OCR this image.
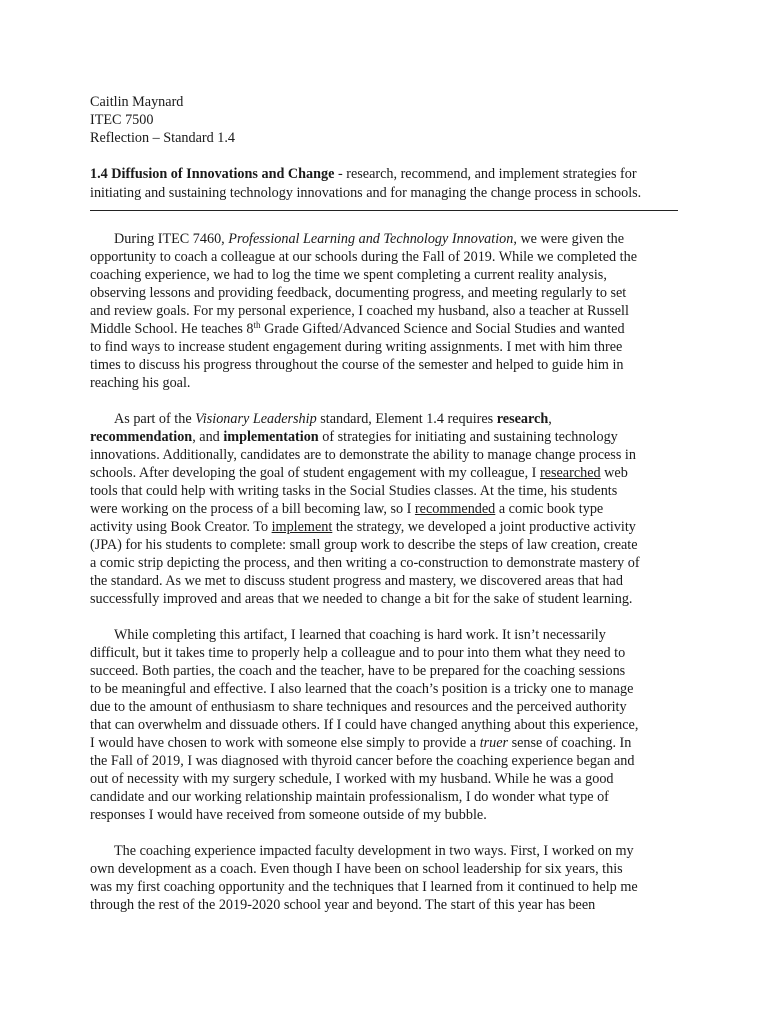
Caitlin Maynard
ITEC 7500
Reflection – Standard 1.4
1.4 Diffusion of Innovations and Change - research, recommend, and implement strategies for
initiating and sustaining technology innovations and for managing the change process in schools.
During ITEC 7460, Professional Learning and Technology Innovation, we were given the
opportunity to coach a colleague at our schools during the Fall of 2019. While we completed the
coaching experience, we had to log the time we spent completing a current reality analysis,
observing lessons and providing feedback, documenting progress, and meeting regularly to set
and review goals. For my personal experience, I coached my husband, also a teacher at Russell
Middle School. He teaches 8th Grade Gifted/Advanced Science and Social Studies and wanted
to find ways to increase student engagement during writing assignments. I met with him three
times to discuss his progress throughout the course of the semester and helped to guide him in
reaching his goal.
As part of the Visionary Leadership standard, Element 1.4 requires research,
recommendation, and implementation of strategies for initiating and sustaining technology
innovations. Additionally, candidates are to demonstrate the ability to manage change process in
schools. After developing the goal of student engagement with my colleague, I researched web
tools that could help with writing tasks in the Social Studies classes. At the time, his students
were working on the process of a bill becoming law, so I recommended a comic book type
activity using Book Creator. To implement the strategy, we developed a joint productive activity
(JPA) for his students to complete: small group work to describe the steps of law creation, create
a comic strip depicting the process, and then writing a co-construction to demonstrate mastery of
the standard. As we met to discuss student progress and mastery, we discovered areas that had
successfully improved and areas that we needed to change a bit for the sake of student learning.
While completing this artifact, I learned that coaching is hard work. It isn’t necessarily
difficult, but it takes time to properly help a colleague and to pour into them what they need to
succeed. Both parties, the coach and the teacher, have to be prepared for the coaching sessions
to be meaningful and effective. I also learned that the coach’s position is a tricky one to manage
due to the amount of enthusiasm to share techniques and resources and the perceived authority
that can overwhelm and dissuade others. If I could have changed anything about this experience,
I would have chosen to work with someone else simply to provide a truer sense of coaching. In
the Fall of 2019, I was diagnosed with thyroid cancer before the coaching experience began and
out of necessity with my surgery schedule, I worked with my husband. While he was a good
candidate and our working relationship maintain professionalism, I do wonder what type of
responses I would have received from someone outside of my bubble.
The coaching experience impacted faculty development in two ways. First, I worked on my
own development as a coach. Even though I have been on school leadership for six years, this
was my first coaching opportunity and the techniques that I learned from it continued to help me
through the rest of the 2019-2020 school year and beyond. The start of this year has been
